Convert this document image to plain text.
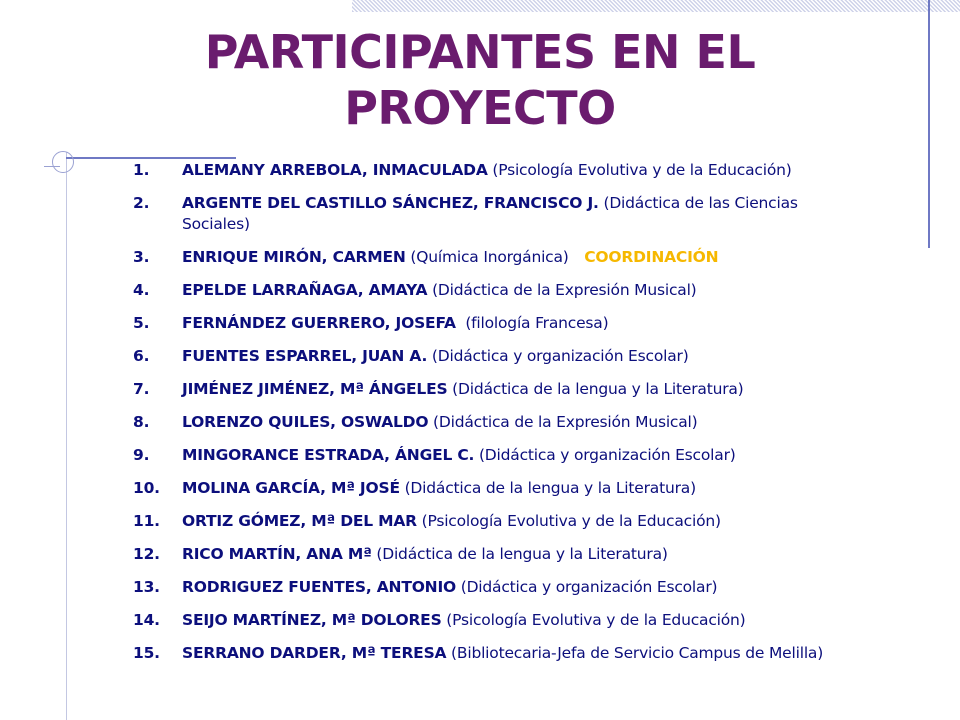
PARTICIPANTES EN EL
PROYECTO
1.	ALEMANY ARREBOLA, INMACULADA (Psicología Evolutiva y de la Educación)
2.	ARGENTE DEL CASTILLO SÁNCHEZ, FRANCISCO J. (Didáctica de las Ciencias Sociales)
3.	ENRIQUE MIRÓN, CARMEN (Química Inorgánica)   COORDINACIÓN
4.	EPELDE LARRAÑAGA, AMAYA (Didáctica de la Expresión Musical)
5.	FERNÁNDEZ GUERRERO, JOSEFA  (filología Francesa)
6.	FUENTES ESPARREL, JUAN A. (Didáctica y organización Escolar)
7.	JIMÉNEZ JIMÉNEZ, Mª ÁNGELES (Didáctica de la lengua y la Literatura)
8.	LORENZO QUILES, OSWALDO (Didáctica de la Expresión Musical)
9.	MINGORANCE ESTRADA, ÁNGEL C. (Didáctica y organización Escolar)
10.	MOLINA GARCÍA, Mª JOSÉ (Didáctica de la lengua y la Literatura)
11.	ORTIZ GÓMEZ, Mª DEL MAR (Psicología Evolutiva y de la Educación)
12.	RICO MARTÍN, ANA Mª (Didáctica de la lengua y la Literatura)
13.	RODRIGUEZ FUENTES, ANTONIO (Didáctica y organización Escolar)
14.	SEIJO MARTÍNEZ, Mª DOLORES (Psicología Evolutiva y de la Educación)
15.	SERRANO DARDER, Mª TERESA (Bibliotecaria-Jefa de Servicio Campus de Melilla)
